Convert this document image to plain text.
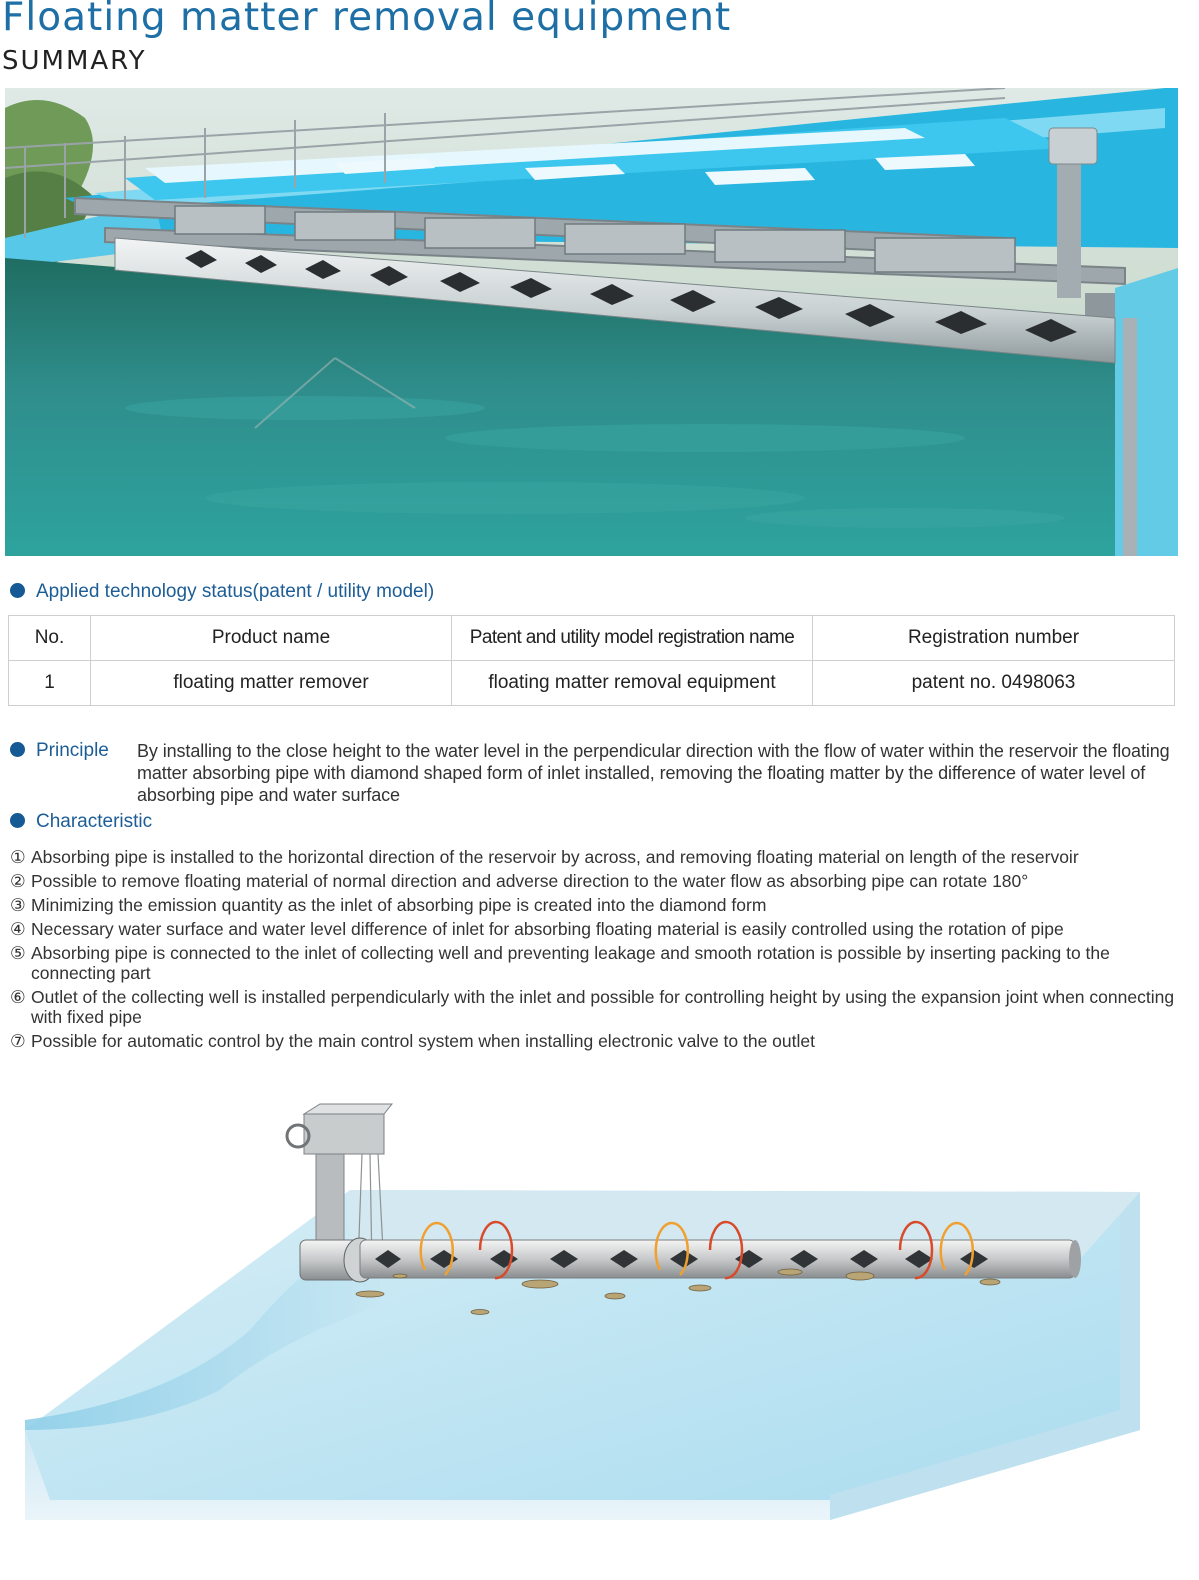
Floating matter removal equipment
SUMMARY
Applied technology status(patent / utility model)
No.	Product name	Patent and utility model registration name	Registration number
1	floating matter remover	floating matter removal equipment	patent no. 0498063
Principle By installing to the close height to the water level in the perpendicular direction with the flow of water within the reservoir the floating matter absorbing pipe with diamond shaped form of inlet installed, removing the floating matter by the difference of water level of absorbing pipe and water surface

Characteristic
① Absorbing pipe is installed to the horizontal direction of the reservoir by across, and removing floating material on length of the reservoir
② Possible to remove floating material of normal direction and adverse direction to the water flow as absorbing pipe can rotate 180°
③ Minimizing the emission quantity as the inlet of absorbing pipe is created into the diamond form
④ Necessary water surface and water level difference of inlet for absorbing floating material is easily controlled using the rotation of pipe
⑤ Absorbing pipe is connected to the inlet of collecting well and preventing leakage and smooth rotation is possible by inserting packing to the connecting part
⑥ Outlet of the collecting well is installed perpendicularly with the inlet and possible for controlling height by using the expansion joint when connecting with fixed pipe
⑦ Possible for automatic control by the main control system when installing electronic valve to the outlet
